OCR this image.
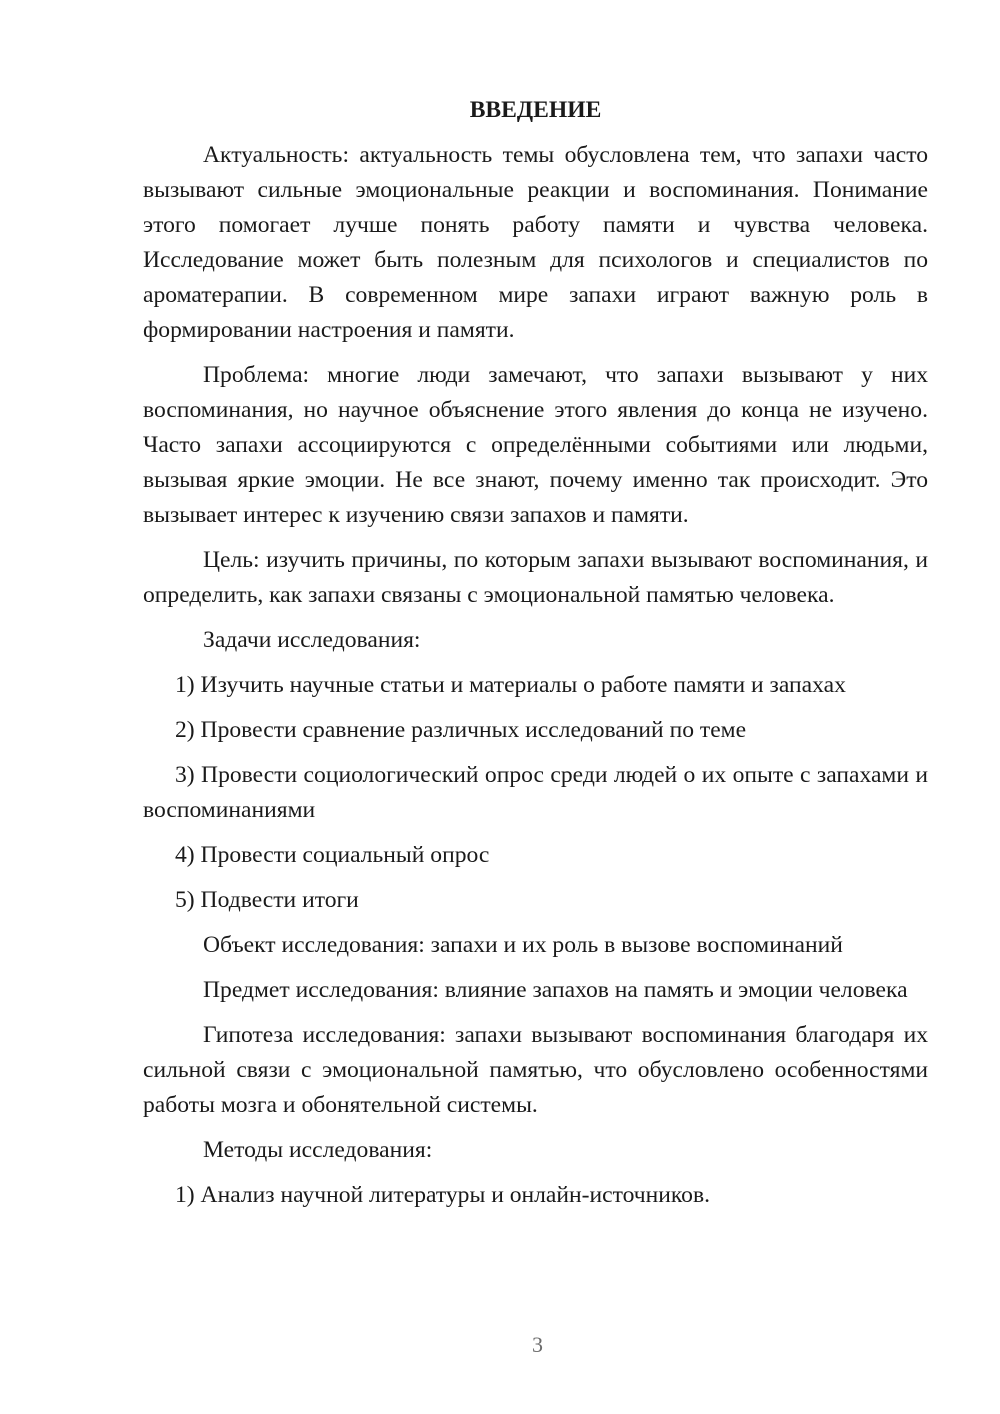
ВВЕДЕНИЕ

Актуальность: актуальность темы обусловлена тем, что запахи часто вызывают сильные эмоциональные реакции и воспоминания. Понимание этого помогает лучше понять работу памяти и чувства человека. Исследование может быть полезным для психологов и специалистов по ароматерапии. В современном мире запахи играют важную роль в формировании настроения и памяти.

Проблема: многие люди замечают, что запахи вызывают у них воспоминания, но научное объяснение этого явления до конца не изучено. Часто запахи ассоциируются с определёнными событиями или людьми, вызывая яркие эмоции. Не все знают, почему именно так происходит. Это вызывает интерес к изучению связи запахов и памяти.

Цель: изучить причины, по которым запахи вызывают воспоминания, и определить, как запахи связаны с эмоциональной памятью человека.

Задачи исследования:

1) Изучить научные статьи и материалы о работе памяти и запахах

2) Провести сравнение различных исследований по теме

3) Провести социологический опрос среди людей о их опыте с запахами и воспоминаниями

4) Провести социальный опрос

5) Подвести итоги

Объект исследования: запахи и их роль в вызове воспоминаний

Предмет исследования: влияние запахов на память и эмоции человека

Гипотеза исследования: запахи вызывают воспоминания благодаря их сильной связи с эмоциональной памятью, что обусловлено особенностями работы мозга и обонятельной системы.

Методы исследования:

1) Анализ научной литературы и онлайн-источников.

3
